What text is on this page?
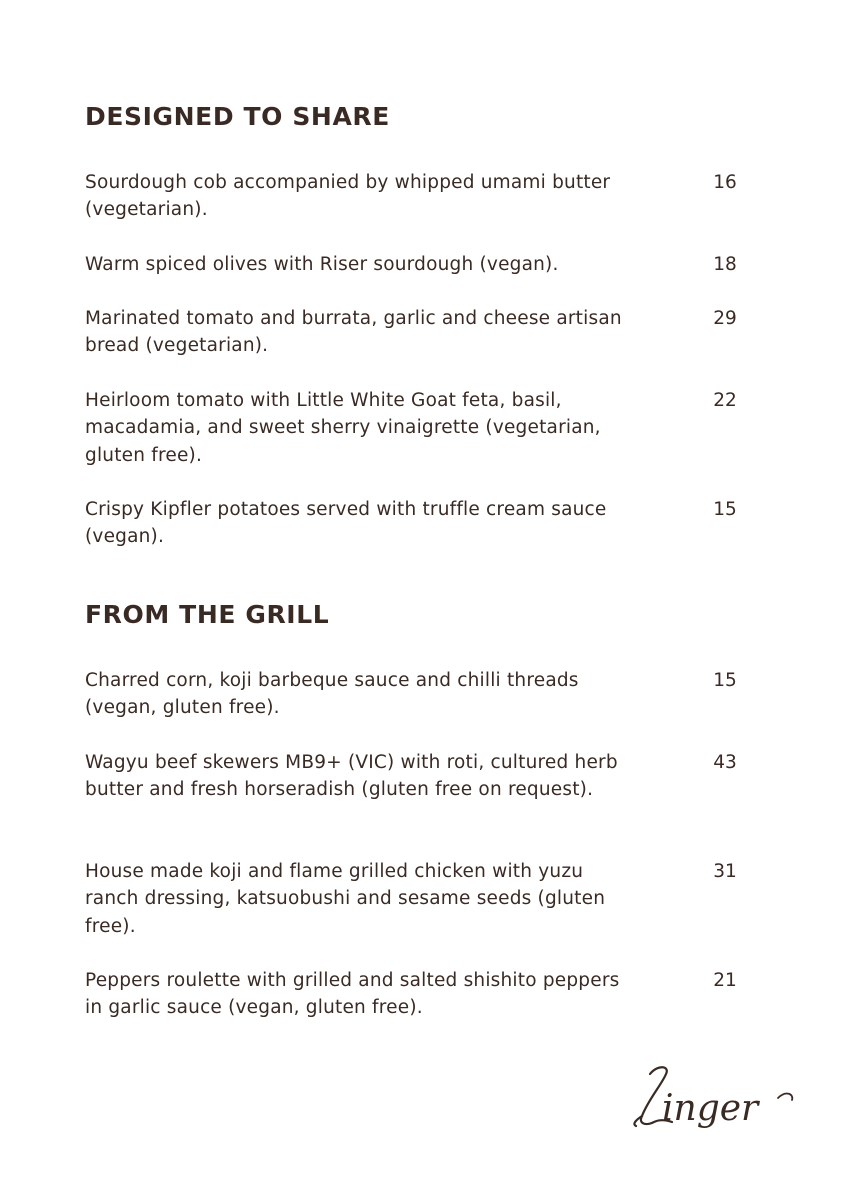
DESIGNED TO SHARE
Sourdough cob accompanied by whipped umami butter (vegetarian).
16
Warm spiced olives with Riser sourdough (vegan).	18
Marinated tomato and burrata, garlic and cheese artisan bread (vegetarian).
29
Heirloom tomato with Little White Goat feta, basil, macadamia, and sweet sherry vinaigrette (vegetarian, gluten free).
22
Crispy Kipfler potatoes served with truffle cream sauce (vegan).
15
FROM THE GRILL
Charred corn, koji barbeque sauce and chilli threads (vegan, gluten free).
15
Wagyu beef skewers MB9+ (VIC) with roti, cultured herb butter and fresh horseradish (gluten free on request).
43
House made koji and flame grilled chicken with yuzu ranch dressing, katsuobushi and sesame seeds (gluten free).
31
Peppers roulette with grilled and salted shishito peppers in garlic sauce (vegan, gluten free).
21
inger
